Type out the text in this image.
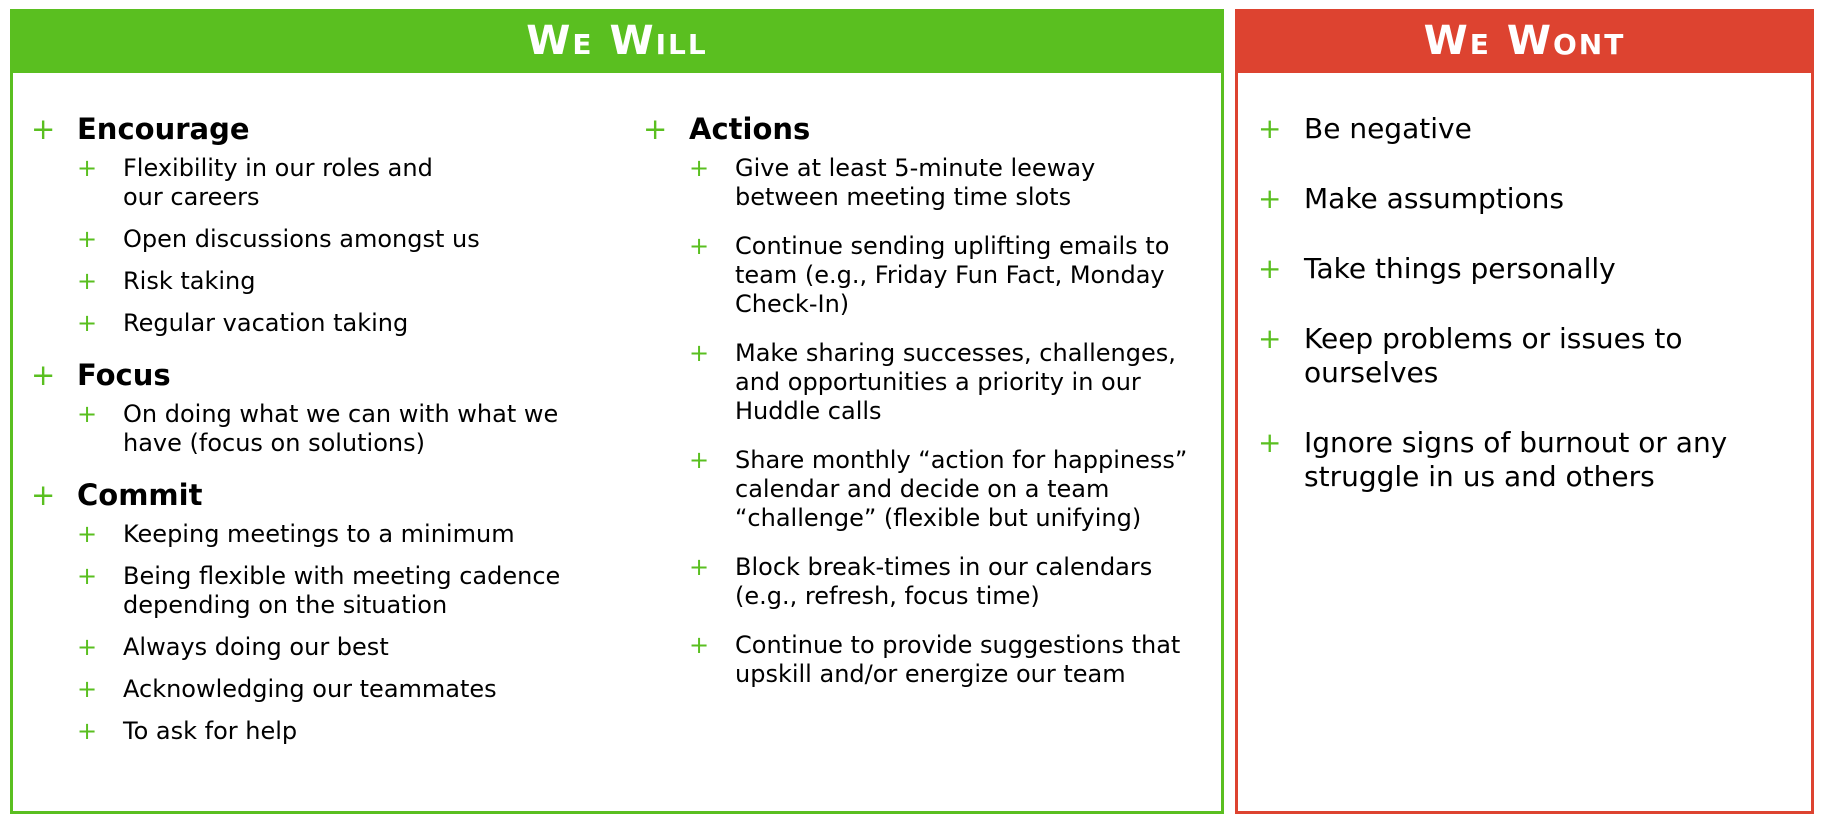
We Will
+ Encourage
+	Flexibility in our roles and our careers
+	Open discussions amongst us
+	Risk taking
+	Regular vacation taking
+ Focus
+	On doing what we can with what we have (focus on solutions)
+ Commit
+	Keeping meetings to a minimum
+	Being flexible with meeting cadence depending on the situation
+	Always doing our best
+	Acknowledging our teammates
+	To ask for help
+ Actions
+	Give at least 5-minute leeway between meeting time slots
+	Continue sending uplifting emails to team (e.g., Friday Fun Fact, Monday Check-In)
+	Make sharing successes, challenges, and opportunities a priority in our Huddle calls
+	Share monthly “action for happiness” calendar and decide on a team “challenge” (flexible but unifying)
+	Block break-times in our calendars (e.g., refresh, focus time)
+	Continue to provide suggestions that upskill and/or energize our team
We Wont
+ Be negative
+ Make assumptions
+ Take things personally
+ Keep problems or issues to ourselves
+ Ignore signs of burnout or any struggle in us and others
